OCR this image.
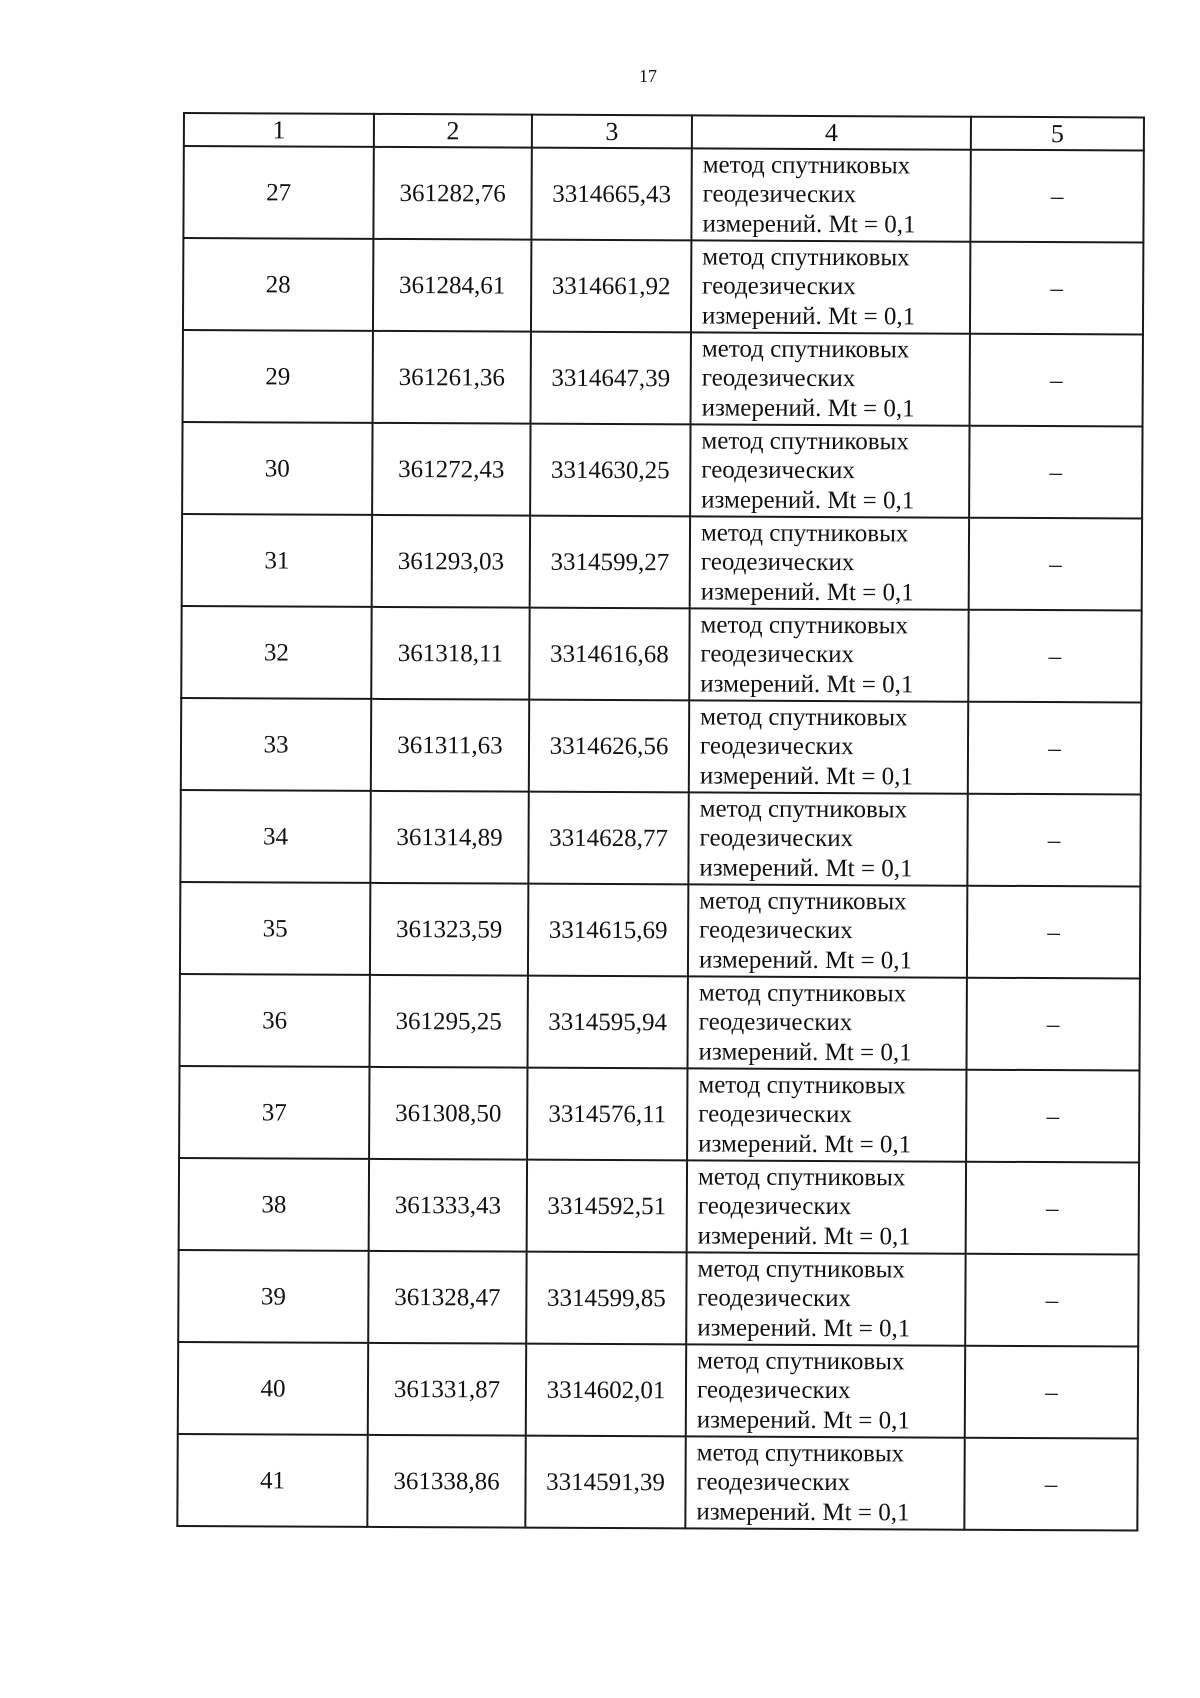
17
1	2	3	4	5
27	361282,76	3314665,43	метод спутниковых
геодезических
измерений. Mt = 0,1	–
28	361284,61	3314661,92	метод спутниковых
геодезических
измерений. Mt = 0,1	–
29	361261,36	3314647,39	метод спутниковых
геодезических
измерений. Mt = 0,1	–
30	361272,43	3314630,25	метод спутниковых
геодезических
измерений. Mt = 0,1	–
31	361293,03	3314599,27	метод спутниковых
геодезических
измерений. Mt = 0,1	–
32	361318,11	3314616,68	метод спутниковых
геодезических
измерений. Mt = 0,1	–
33	361311,63	3314626,56	метод спутниковых
геодезических
измерений. Mt = 0,1	–
34	361314,89	3314628,77	метод спутниковых
геодезических
измерений. Mt = 0,1	–
35	361323,59	3314615,69	метод спутниковых
геодезических
измерений. Mt = 0,1	–
36	361295,25	3314595,94	метод спутниковых
геодезических
измерений. Mt = 0,1	–
37	361308,50	3314576,11	метод спутниковых
геодезических
измерений. Mt = 0,1	–
38	361333,43	3314592,51	метод спутниковых
геодезических
измерений. Mt = 0,1	–
39	361328,47	3314599,85	метод спутниковых
геодезических
измерений. Mt = 0,1	–
40	361331,87	3314602,01	метод спутниковых
геодезических
измерений. Mt = 0,1	–
41	361338,86	3314591,39	метод спутниковых
геодезических
измерений. Mt = 0,1	–
